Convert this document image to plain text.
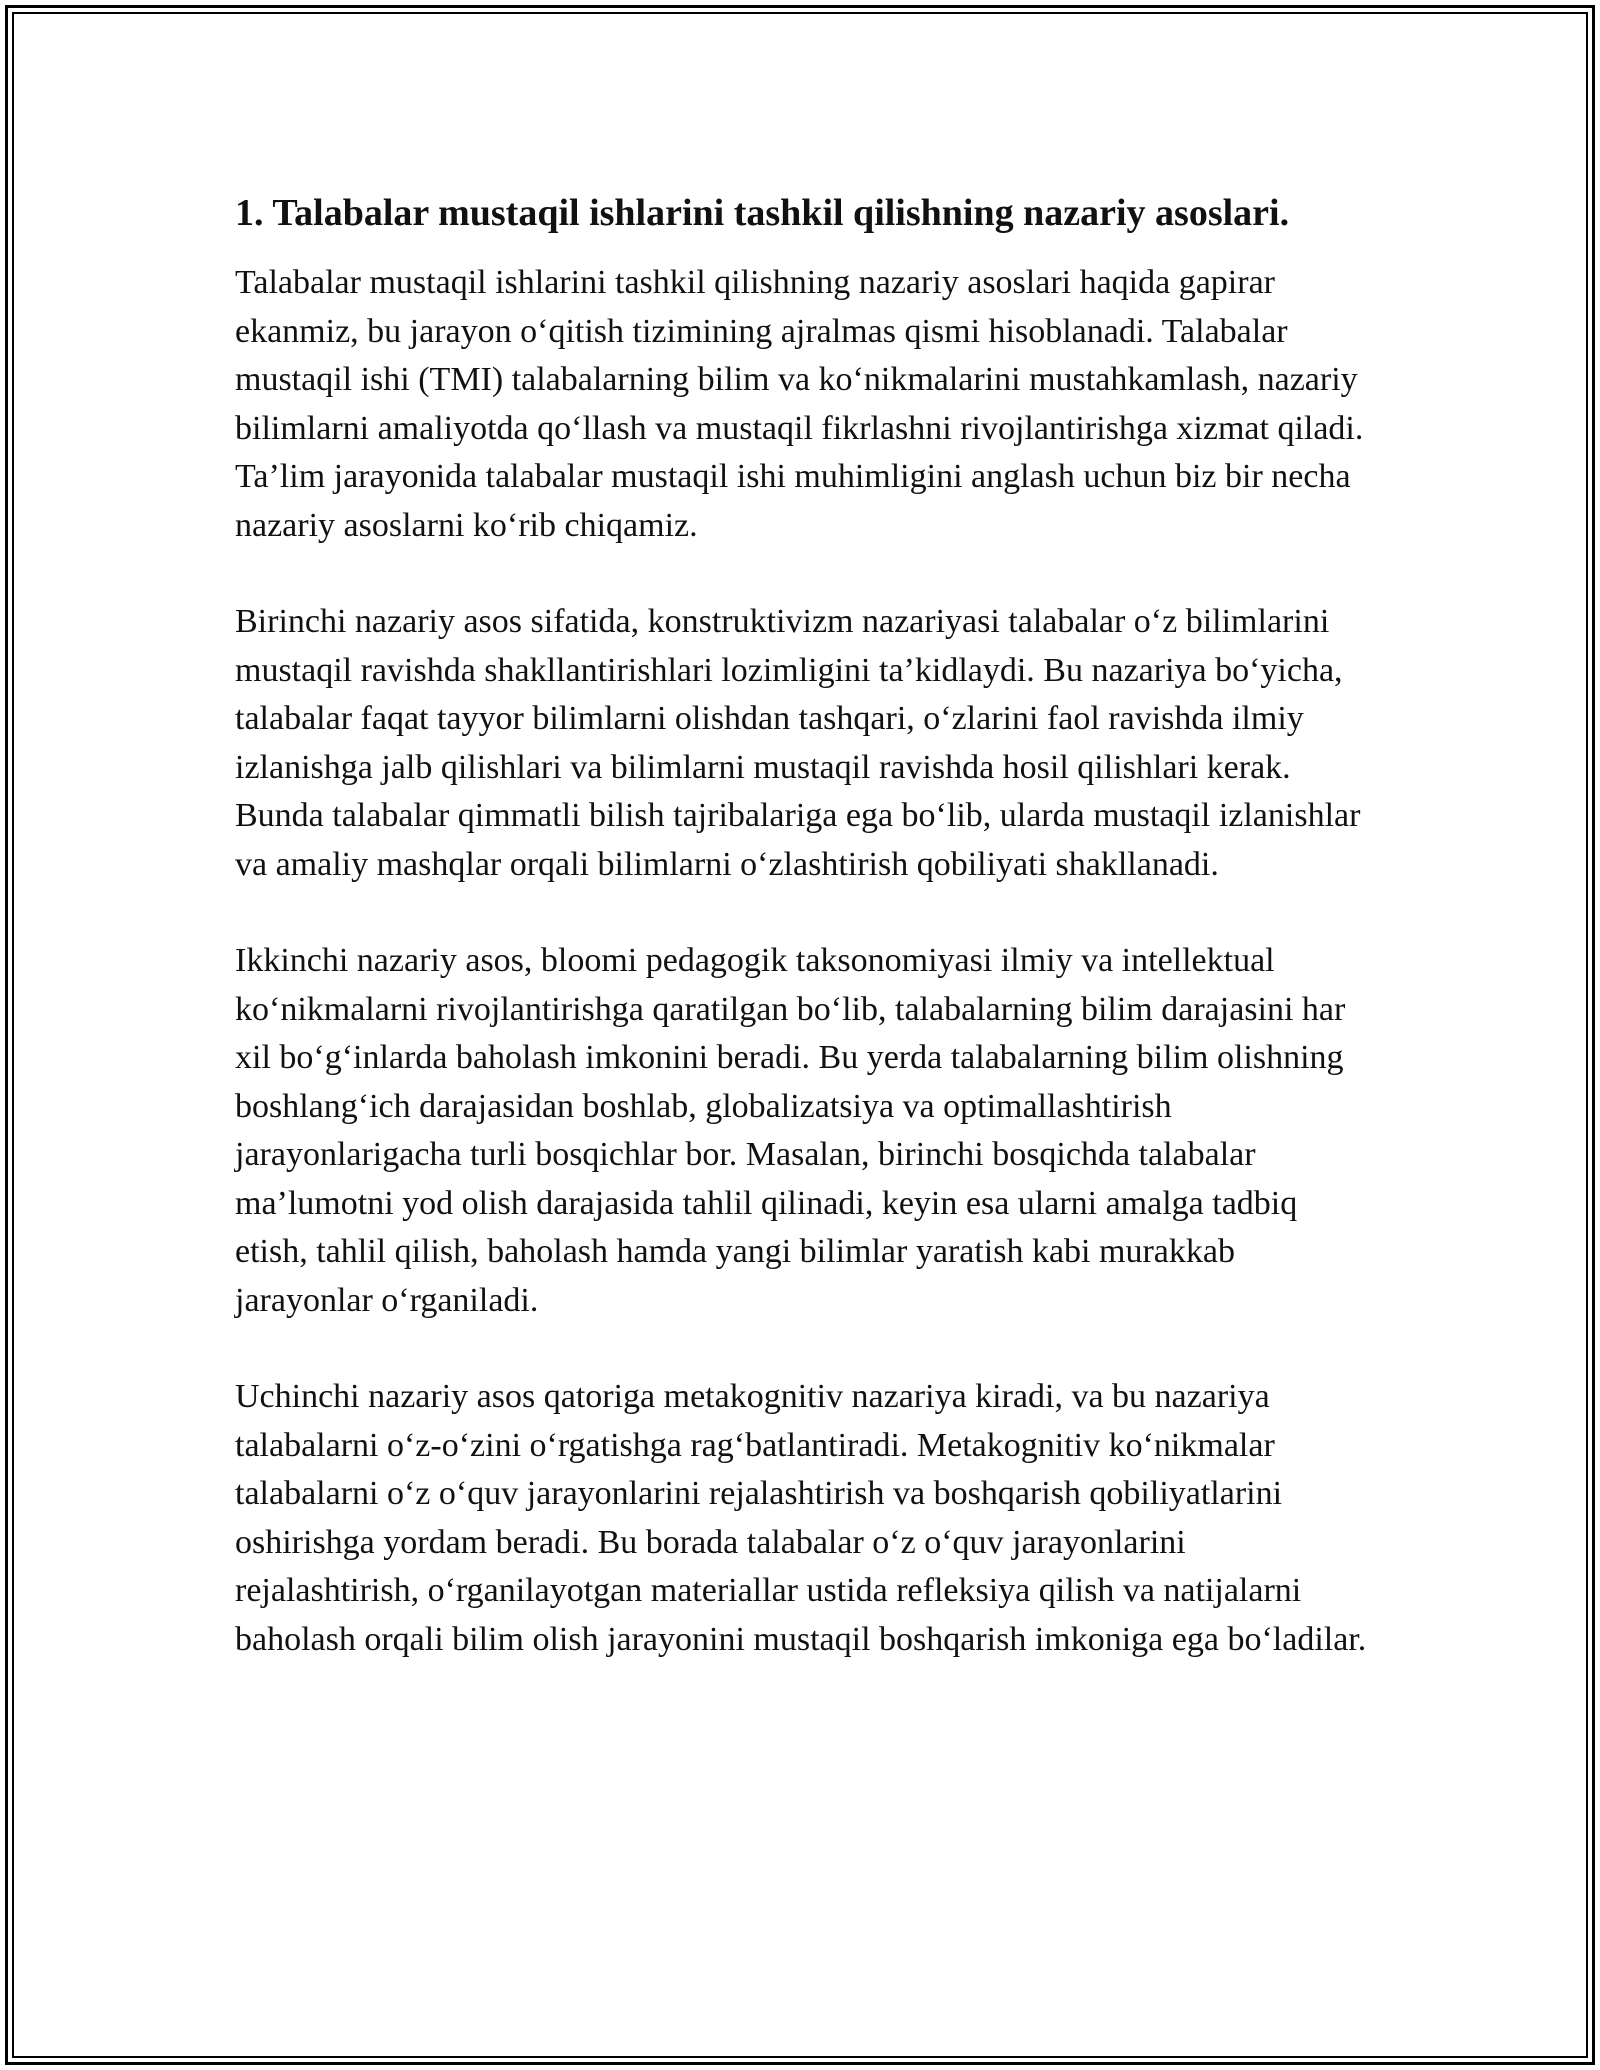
1. Talabalar mustaqil ishlarini tashkil qilishning nazariy asoslari.

Talabalar mustaqil ishlarini tashkil qilishning nazariy asoslari haqida gapirar ekanmiz, bu jarayon o‘qitish tizimining ajralmas qismi hisoblanadi. Talabalar mustaqil ishi (TMI) talabalarning bilim va ko‘nikmalarini mustahkamlash, nazariy bilimlarni amaliyotda qo‘llash va mustaqil fikrlashni rivojlantirishga xizmat qiladi. Ta’lim jarayonida talabalar mustaqil ishi muhimligini anglash uchun biz bir necha nazariy asoslarni ko‘rib chiqamiz.

Birinchi nazariy asos sifatida, konstruktivizm nazariyasi talabalar o‘z bilimlarini mustaqil ravishda shakllantirishlari lozimligini ta’kidlaydi. Bu nazariya bo‘yicha, talabalar faqat tayyor bilimlarni olishdan tashqari, o‘zlarini faol ravishda ilmiy izlanishga jalb qilishlari va bilimlarni mustaqil ravishda hosil qilishlari kerak. Bunda talabalar qimmatli bilish tajribalariga ega bo‘lib, ularda mustaqil izlanishlar va amaliy mashqlar orqali bilimlarni o‘zlashtirish qobiliyati shakllanadi.

Ikkinchi nazariy asos, bloomi pedagogik taksonomiyasi ilmiy va intellektual ko‘nikmalarni rivojlantirishga qaratilgan bo‘lib, talabalarning bilim darajasini har xil bo‘g‘inlarda baholash imkonini beradi. Bu yerda talabalarning bilim olishning boshlang‘ich darajasidan boshlab, globalizatsiya va optimallashtirish jarayonlarigacha turli bosqichlar bor. Masalan, birinchi bosqichda talabalar ma’lumotni yod olish darajasida tahlil qilinadi, keyin esa ularni amalga tadbiq etish, tahlil qilish, baholash hamda yangi bilimlar yaratish kabi murakkab jarayonlar o‘rganiladi.

Uchinchi nazariy asos qatoriga metakognitiv nazariya kiradi, va bu nazariya talabalarni o‘z-o‘zini o‘rgatishga rag‘batlantiradi. Metakognitiv ko‘nikmalar talabalarni o‘z o‘quv jarayonlarini rejalashtirish va boshqarish qobiliyatlarini oshirishga yordam beradi. Bu borada talabalar o‘z o‘quv jarayonlarini rejalashtirish, o‘rganilayotgan materiallar ustida refleksiya qilish va natijalarni baholash orqali bilim olish jarayonini mustaqil boshqarish imkoniga ega bo‘ladilar.
